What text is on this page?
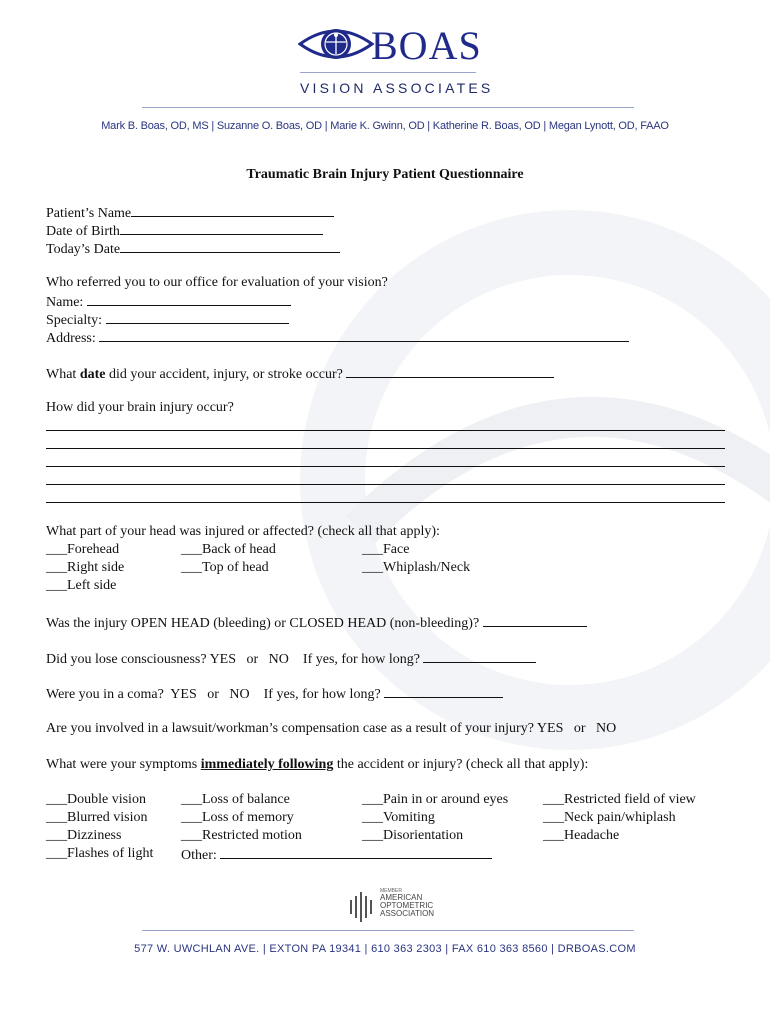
BOAS
VISION ASSOCIATES
Mark B. Boas, OD, MS | Suzanne O. Boas, OD | Marie K. Gwinn, OD | Katherine R. Boas, OD | Megan Lynott, OD, FAAO
Traumatic Brain Injury Patient Questionnaire
Patient’s Name
Date of Birth
Today’s Date
Who referred you to our office for evaluation of your vision?
Name:
Specialty:
Address:
What date did your accident, injury, or stroke occur?
How did your brain injury occur?
What part of your head was injured or affected? (check all that apply):
___Forehead
___Right side
___Left side
___Back of head
___Top of head
___Face
___Whiplash/Neck
Was the injury OPEN HEAD (bleeding) or CLOSED HEAD (non-bleeding)?
Did you lose consciousness? YES   or   NO    If yes, for how long?
Were you in a coma?  YES   or   NO    If yes, for how long?
Are you involved in a lawsuit/workman’s compensation case as a result of your injury? YES   or   NO
What were your symptoms immediately following the accident or injury? (check all that apply):
___Double vision
___Blurred vision
___Dizziness
___Flashes of light
___Loss of balance
___Loss of memory
___Restricted motion
Other:
___Pain in or around eyes
___Vomiting
___Disorientation
___Restricted field of view
___Neck pain/whiplash
___Headache
MEMBER
AMERICAN
OPTOMETRIC
ASSOCIATION
577 W. UWCHLAN AVE. | EXTON PA 19341 | 610 363 2303 | FAX 610 363 8560 | DRBOAS.COM
